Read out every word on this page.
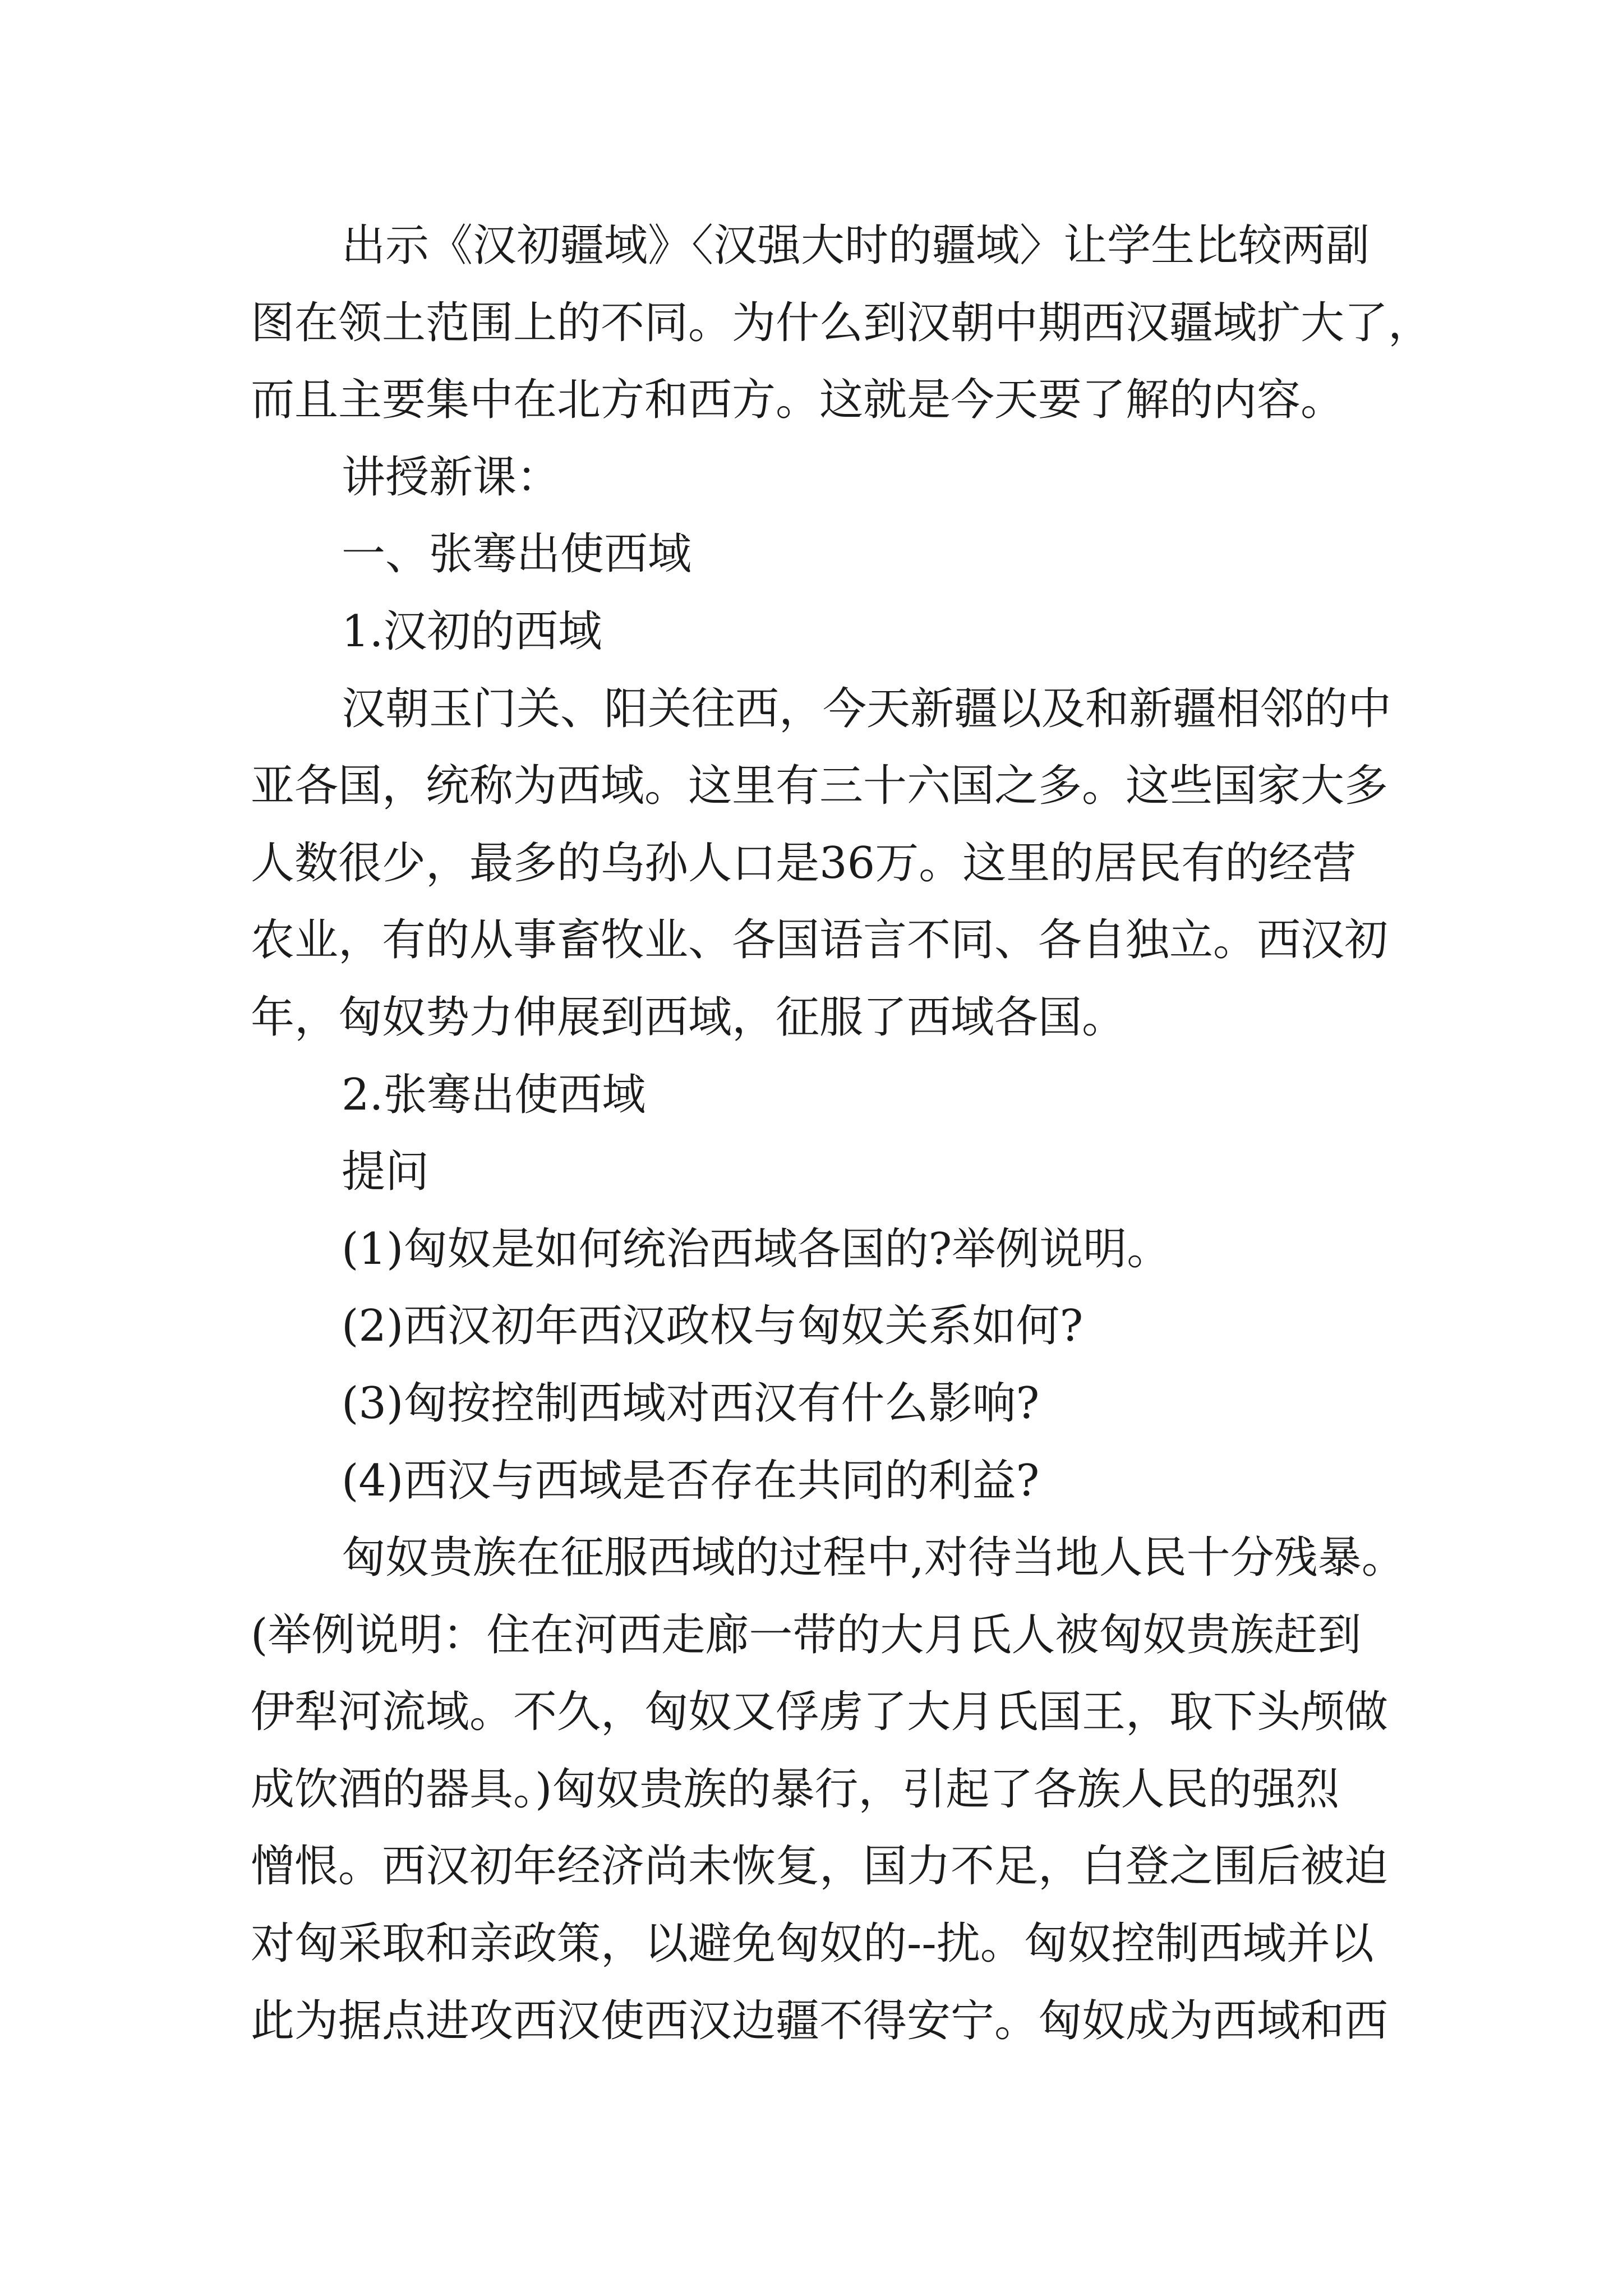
出示《汉初疆域》〈汉强大时的疆域〉让学生比较两副
图在领土范围上的不同。为什么到汉朝中期西汉疆域扩大了，
而且主要集中在北方和西方。这就是今天要了解的内容。
讲授新课：
一、张骞出使西域
1.汉初的西域
汉朝玉门关、阳关往西，今天新疆以及和新疆相邻的中
亚各国，统称为西域。这里有三十六国之多。这些国家大多
人数很少，最多的乌孙人口是36万。这里的居民有的经营
农业，有的从事畜牧业、各国语言不同、各自独立。西汉初
年，匈奴势力伸展到西域，征服了西域各国。
2.张骞出使西域
提问
(1)匈奴是如何统治西域各国的?举例说明。
(2)西汉初年西汉政权与匈奴关系如何?
(3)匈按控制西域对西汉有什么影响?
(4)西汉与西域是否存在共同的利益?
匈奴贵族在征服西域的过程中,对待当地人民十分残暴。
(举例说明：住在河西走廊一带的大月氏人被匈奴贵族赶到
伊犁河流域。不久，匈奴又俘虏了大月氏国王，取下头颅做
成饮酒的器具。)匈奴贵族的暴行，引起了各族人民的强烈
憎恨。西汉初年经济尚未恢复，国力不足，白登之围后被迫
对匈采取和亲政策，以避免匈奴的--扰。匈奴控制西域并以
此为据点进攻西汉使西汉边疆不得安宁。匈奴成为西域和西
